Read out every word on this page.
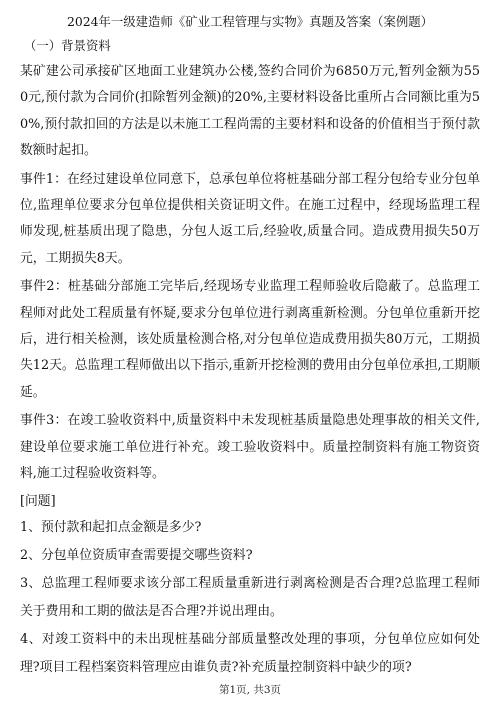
2024年一级建造师《矿业工程管理与实物》真题及答案（案例题）
（一）背景资料
某矿建公司承接矿区地面工业建筑办公楼,签约合同价为6850万元,暂列金额为550元,预付款为合同价(扣除暂列金额)的20%,主要材料设备比重所占合同额比重为50%,预付款扣回的方法是以未施工工程尚需的主要材料和设备的价值相当于预付款数额时起扣。
事件1：在经过建设单位同意下，总承包单位将桩基础分部工程分包给专业分包单位,监理单位要求分包单位提供相关资证明文件。在施工过程中，经现场监理工程师发现,桩基质出现了隐患，分包人返工后,经验收,质量合同。造成费用损失50万元，工期损失8天。
事件2：桩基础分部施工完毕后,经现场专业监理工程师验收后隐蔽了。总监理工程师对此处工程质量有怀疑,要求分包单位进行剥离重新检测。分包单位重新开挖后，进行相关检测，该处质量检测合格,对分包单位造成费用损失80万元，工期损失12天。总监理工程师做出以下指示,重新开挖检测的费用由分包单位承担,工期顺延。
事件3：在竣工验收资料中,质量资料中未发现桩基质量隐患处理事故的相关文件,建设单位要求施工单位进行补充。竣工验收资料中。质量控制资料有施工物资资料,施工过程验收资料等。
[问题]
1、预付款和起扣点金额是多少?
2、分包单位资质审查需要提交哪些资料?
3、总监理工程师要求该分部工程质量重新进行剥离检测是否合理?总监理工程师关于费用和工期的做法是否合理?并说出理由。
4、对竣工资料中的未出现桩基础分部质量整改处理的事项，分包单位应如何处理?项目工程档案资料管理应由谁负责?补充质量控制资料中缺少的项?
第1页, 共3页
